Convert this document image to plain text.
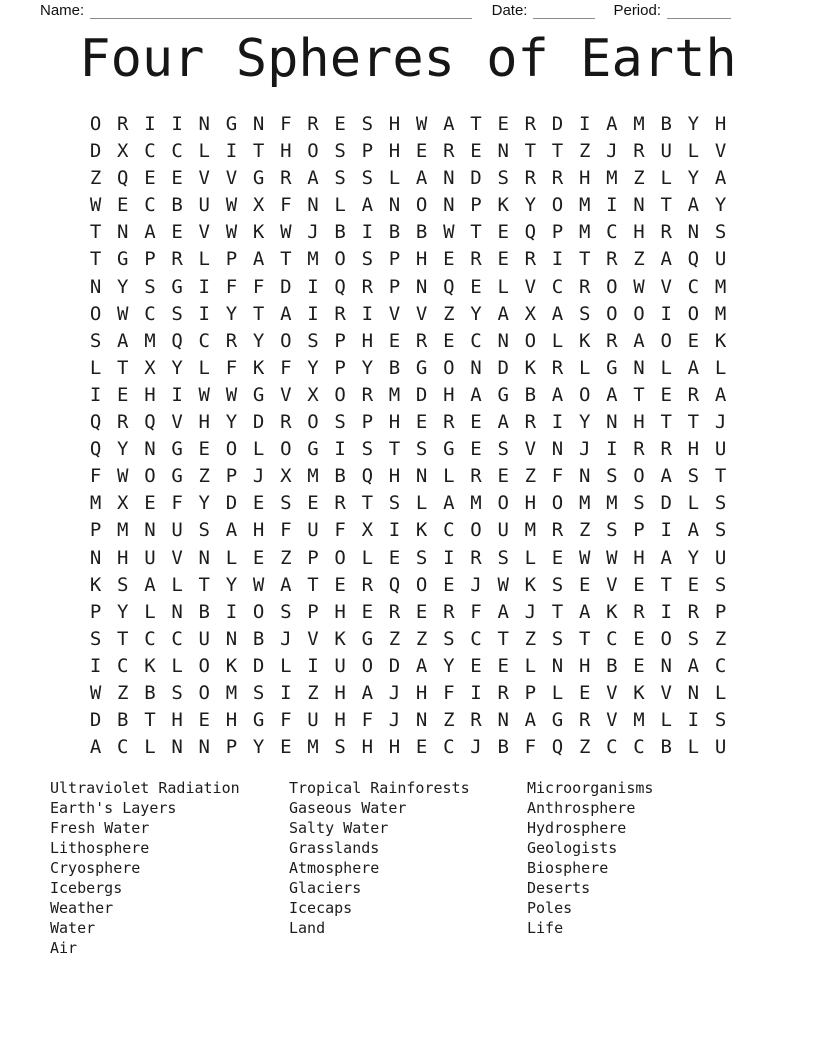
Name:	Date:	Period:
Four Spheres of Earth
O R I I N G N F R E S H W A T E R D I A M B Y H
D X C C L I T H O S P H E R E N T T Z J R U L V
Z Q E E V V G R A S S L A N D S R R H M Z L Y A
W E C B U W X F N L A N O N P K Y O M I N T A Y
T N A E V W K W J B I B B W T E Q P M C H R N S
T G P R L P A T M O S P H E R E R I T R Z A Q U
N Y S G I F F D I Q R P N Q E L V C R O W V C M
O W C S I Y T A I R I V V Z Y A X A S O O I O M
S A M Q C R Y O S P H E R E C N O L K R A O E K
L T X Y L F K F Y P Y B G O N D K R L G N L A L
I E H I W W G V X O R M D H A G B A O A T E R A
Q R Q V H Y D R O S P H E R E A R I Y N H T T J
Q Y N G E O L O G I S T S G E S V N J I R R H U
F W O G Z P J X M B Q H N L R E Z F N S O A S T
M X E F Y D E S E R T S L A M O H O M M S D L S
P M N U S A H F U F X I K C O U M R Z S P I A S
N H U V N L E Z P O L E S I R S L E W W H A Y U
K S A L T Y W A T E R Q O E J W K S E V E T E S
P Y L N B I O S P H E R E R F A J T A K R I R P
S T C C U N B J V K G Z Z S C T Z S T C E O S Z
I C K L O K D L I U O D A Y E E L N H B E N A C
W Z B S O M S I Z H A J H F I R P L E V K V N L
D B T H E H G F U H F J N Z R N A G R V M L I S
A C L N N P Y E M S H H E C J B F Q Z C C B L U
Ultraviolet Radiation
Earth's Layers
Fresh Water
Lithosphere
Cryosphere
Icebergs
Weather
Water
Air
Tropical Rainforests
Gaseous Water
Salty Water
Grasslands
Atmosphere
Glaciers
Icecaps
Land
Microorganisms
Anthrosphere
Hydrosphere
Geologists
Biosphere
Deserts
Poles
Life
